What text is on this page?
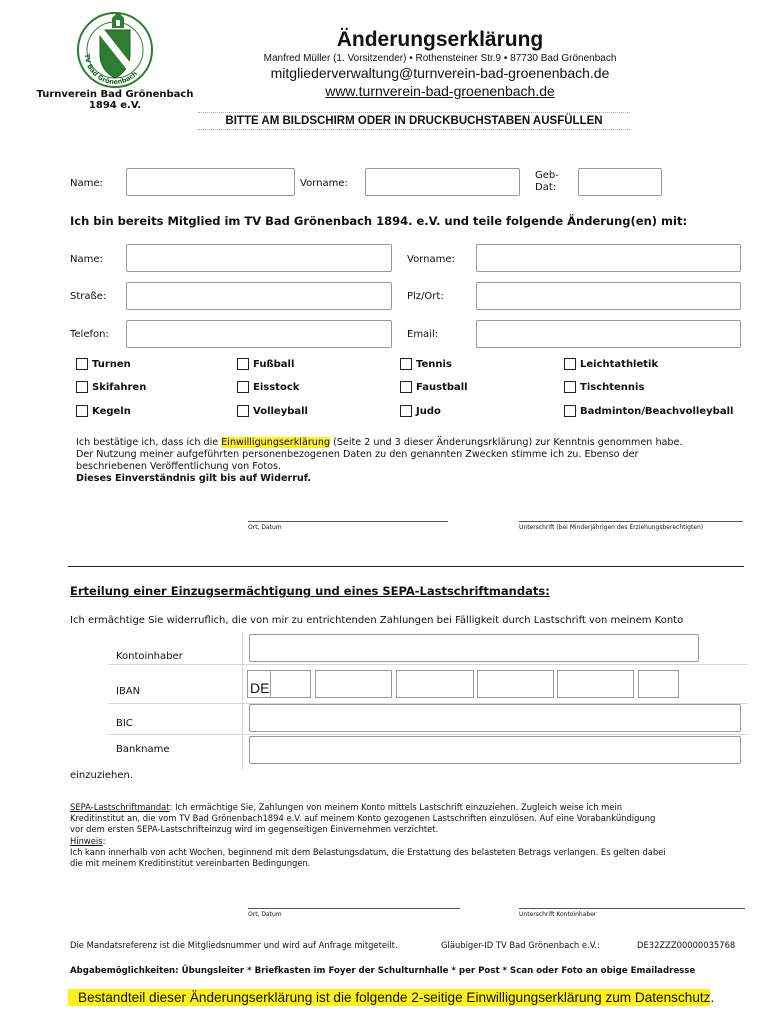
TV Bad Grönenbach
Turnverein Bad Grönenbach
1894 e.V.
Änderungserklärung
Manfred Müller (1. Vorsitzender) • Rothensteiner Str.9 • 87730 Bad Grönenbach
mitgliederverwaltung@turnverein-bad-groenenbach.de
www.turnverein-bad-groenenbach.de
BITTE AM BILDSCHIRM ODER IN DRUCKBUCHSTABEN AUSFÜLLEN
Name:	Vorname:
Geb-
Dat:
Ich bin bereits Mitglied im TV Bad Grönenbach 1894. e.V. und teile folgende Änderung(en) mit:
Name:	Vorname:
Straße:	Plz/Ort:
Telefon:	Email:
Turnen
Skifahren
Kegeln
Fußball
Eisstock
Volleyball
Tennis
Faustball
Judo
Leichtathletik
Tischtennis
Badminton/Beachvolleyball
Ich bestätige ich, dass ich die Einwilligungserklärung (Seite 2 und 3 dieser Änderungsrklärung) zur Kenntnis genommen habe.
Der Nutzung meiner aufgeführten personenbezogenen Daten zu den genannten Zwecken stimme ich zu. Ebenso der
beschriebenen Veröffentlichung von Fotos.
Dieses Einverständnis gilt bis auf Widerruf.
Ort, Datum	Unterschrift (bei Minderjährigen des Erziehungsberechtigten)
Erteilung einer Einzugsermächtigung und eines SEPA-Lastschriftmandats:
Ich ermächtige Sie widerruflich, die von mir zu entrichtenden Zahlungen bei Fälligkeit durch Lastschrift von meinem Konto
Kontoinhaber
IBAN	DE
BIC
Bankname
einzuziehen.
SEPA-Lastschriftmandat: Ich ermächtige Sie, Zahlungen von meinem Konto mittels Lastschrift einzuziehen. Zugleich weise ich mein
Kreditinstitut an, die vom TV Bad Grönenbach1894 e.V. auf meinem Konto gezogenen Lastschriften einzulösen. Auf eine Vorabankündigung
vor dem ersten SEPA-Lastschrifteinzug wird im gegenseitigen Einvernehmen verzichtet.
Hinweis:
Ich kann innerhalb von acht Wochen, beginnend mit dem Belastungsdatum, die Erstattung des belasteten Betrags verlangen. Es gelten dabei
die mit meinem Kreditinstitut vereinbarten Bedingungen.
Ort, Datum	Unterschrift Kontoinhaber
Die Mandatsreferenz ist die Mitgliedsnummer und wird auf Anfrage mitgeteilt.	Gläubiger-ID TV Bad Grönenbach e.V.:	DE32ZZZ00000035768
Abgabemöglichkeiten: Übungsleiter * Briefkasten im Foyer der Schulturnhalle * per Post * Scan oder Foto an obige Emailadresse
Bestandteil dieser Änderungserklärung ist die folgende 2-seitige Einwilligungserklärung zum Datenschutz.
